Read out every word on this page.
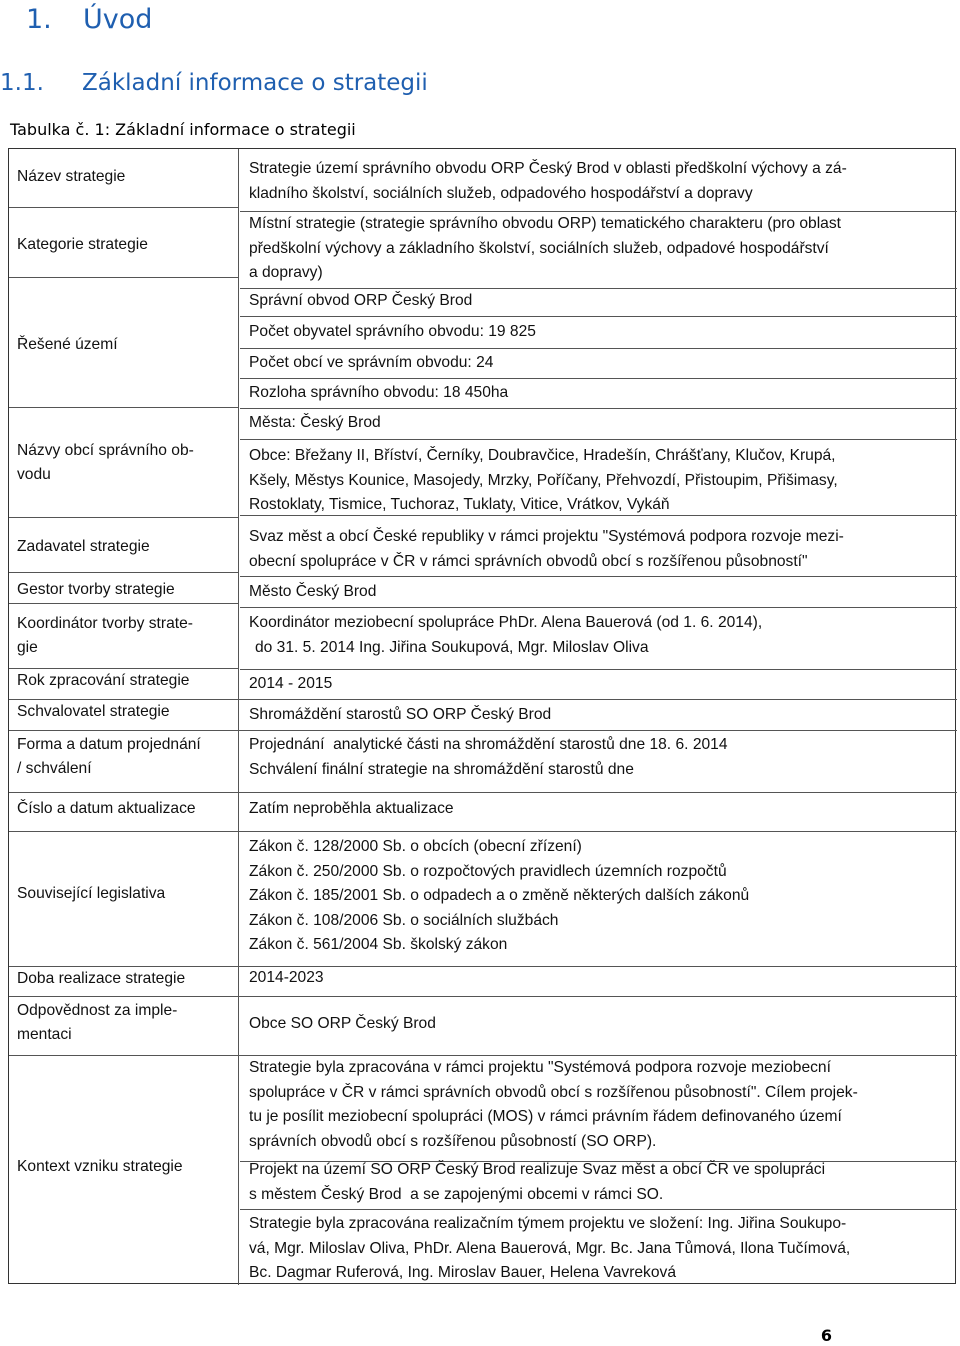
1. Úvod
1.1. Základní informace o strategii
Tabulka č. 1: Základní informace o strategii
Název strategie
Kategorie strategie
Řešené území
Názvy obcí správního ob-
vodu
Zadavatel strategie
Gestor tvorby strategie
Koordinátor tvorby strate-
gie
Rok zpracování strategie
Schvalovatel strategie
Forma a datum projednání
/ schválení
Číslo a datum aktualizace
Související legislativa
Doba realizace strategie
Odpovědnost za imple-
mentaci
Kontext vzniku strategie
Strategie území správního obvodu ORP Český Brod v oblasti předškolní výchovy a zá-
kladního školství, sociálních služeb, odpadového hospodářství a dopravy
Místní strategie (strategie správního obvodu ORP) tematického charakteru (pro oblast
předškolní výchovy a základního školství, sociálních služeb, odpadové hospodářství
a dopravy)
Správní obvod ORP Český Brod
Počet obyvatel správního obvodu: 19 825
Počet obcí ve správním obvodu: 24
Rozloha správního obvodu: 18 450ha
Města: Český Brod
Obce: Břežany II, Bříství, Černíky, Doubravčice, Hradešín, Chrášťany, Klučov, Krupá,
Kšely, Městys Kounice, Masojedy, Mrzky, Poříčany, Přehvozdí, Přistoupim, Přišimasy,
Rostoklaty, Tismice, Tuchoraz, Tuklaty, Vitice, Vrátkov, Vykáň
Svaz měst a obcí České republiky v rámci projektu "Systémová podpora rozvoje mezi-
obecní spolupráce v ČR v rámci správních obvodů obcí s rozšířenou působností"
Město Český Brod
Koordinátor meziobecní spolupráce PhDr. Alena Bauerová (od 1. 6. 2014),
do 31. 5. 2014 Ing. Jiřina Soukupová, Mgr. Miloslav Oliva
2014 - 2015
Shromáždění starostů SO ORP Český Brod
Projednání  analytické části na shromáždění starostů dne 18. 6. 2014
Schválení finální strategie na shromáždění starostů dne
Zatím neproběhla aktualizace
Zákon č. 128/2000 Sb. o obcích (obecní zřízení)
Zákon č. 250/2000 Sb. o rozpočtových pravidlech územních rozpočtů
Zákon č. 185/2001 Sb. o odpadech a o změně některých dalších zákonů
Zákon č. 108/2006 Sb. o sociálních službách
Zákon č. 561/2004 Sb. školský zákon
2014-2023
Obce SO ORP Český Brod
Strategie byla zpracována v rámci projektu "Systémová podpora rozvoje meziobecní
spolupráce v ČR v rámci správních obvodů obcí s rozšířenou působností". Cílem projek-
tu je posílit meziobecní spolupráci (MOS) v rámci právním řádem definovaného území
správních obvodů obcí s rozšířenou působností (SO ORP).
Projekt na území SO ORP Český Brod realizuje Svaz měst a obcí ČR ve spolupráci
s městem Český Brod  a se zapojenými obcemi v rámci SO.
Strategie byla zpracována realizačním týmem projektu ve složení: Ing. Jiřina Soukupo-
vá, Mgr. Miloslav Oliva, PhDr. Alena Bauerová, Mgr. Bc. Jana Tůmová, Ilona Tučímová,
Bc. Dagmar Ruferová, Ing. Miroslav Bauer, Helena Vavreková
6
